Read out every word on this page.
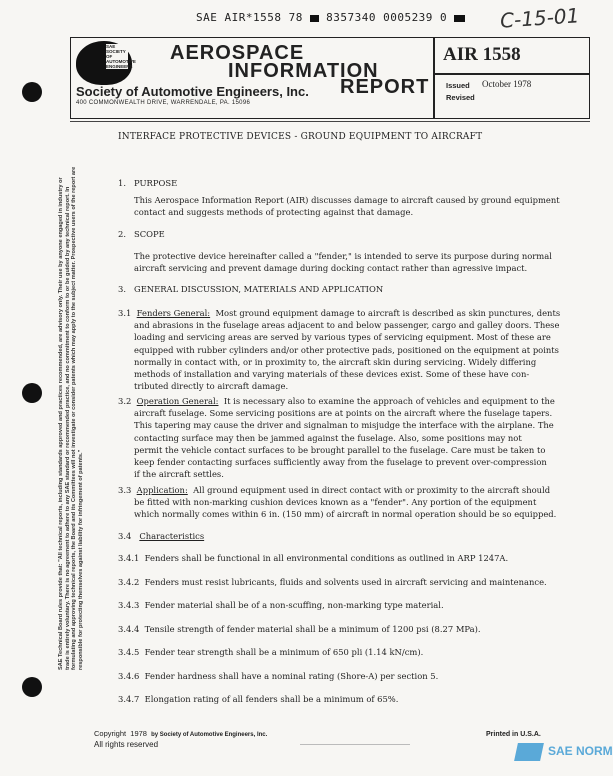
SAE AIR*1558 78 8357340 0005239 0	C-15-01
SAE SOCIETY OF AUTOMOTIVE ENGINEERS
AEROSPACE
INFORMATION
REPORT
Society of Automotive Engineers, Inc.
400 COMMONWEALTH DRIVE, WARRENDALE, PA. 15096
AIR 1558
Issued October 1978
Revised
INTERFACE PROTECTIVE DEVICES - GROUND EQUIPMENT TO AIRCRAFT
SAE Technical Board rules provide that: "All technical reports, including standards approved and practices recommended, are advisory only. Their use by anyone engaged in industry or trade is entirely voluntary. There is no agreement to adhere to any SAE standard or recommended practice, and no commitment to conform to or be guided by any technical report. In formulating and approving technical reports, the Board and its Committees will not investigate or consider patents which may apply to the subject matter. Prospective users of the report are responsible for protecting themselves against liability for infringement of patents."
1. PURPOSE
This Aerospace Information Report (AIR) discusses damage to aircraft caused by ground equipment
contact and suggests methods of protecting against that damage.
2. SCOPE
The protective device hereinafter called a "fender," is intended to serve its purpose during normal
aircraft servicing and prevent damage during docking contact rather than agressive impact.
3. GENERAL DISCUSSION, MATERIALS AND APPLICATION
3.1 Fenders General: Most ground equipment damage to aircraft is described as skin punctures, dents
and abrasions in the fuselage areas adjacent to and below passenger, cargo and galley doors. These
loading and servicing areas are served by various types of servicing equipment. Most of these are
equipped with rubber cylinders and/or other protective pads, positioned on the equipment at points
normally in contact with, or in proximity to, the aircraft skin during servicing. Widely differing
methods of installation and varying materials of these devices exist. Some of these have con-
tributed directly to aircraft damage.
3.2 Operation General: It is necessary also to examine the approach of vehicles and equipment to the
aircraft fuselage. Some servicing positions are at points on the aircraft where the fuselage tapers.
This tapering may cause the driver and signalman to misjudge the interface with the airplane. The
contacting surface may then be jammed against the fuselage. Also, some positions may not
permit the vehicle contact surfaces to be brought parallel to the fuselage. Care must be taken to
keep fender contacting surfaces sufficiently away from the fuselage to prevent over-compression
if the aircraft settles.
3.3 Application: All ground equipment used in direct contact with or proximity to the aircraft should
be fitted with non-marking cushion devices known as a "fender". Any portion of the equipment
which normally comes within 6 in. (150 mm) of aircraft in normal operation should be so equipped.
3.4 Characteristics
3.4.1 Fenders shall be functional in all environmental conditions as outlined in ARP 1247A.
3.4.2 Fenders must resist lubricants, fluids and solvents used in aircraft servicing and maintenance.
3.4.3 Fender material shall be of a non-scuffing, non-marking type material.
3.4.4 Tensile strength of fender material shall be a minimum of 1200 psi (8.27 MPa).
3.4.5 Fender tear strength shall be a minimum of 650 pli (1.14 kN/cm).
3.4.6 Fender hardness shall have a nominal rating (Shore-A) per section 5.
3.4.7 Elongation rating of all fenders shall be a minimum of 65%.
Copyright 1978 by Society of Automotive Engineers, Inc.
All rights reserved
Printed in U.S.A.
SAE NORM
